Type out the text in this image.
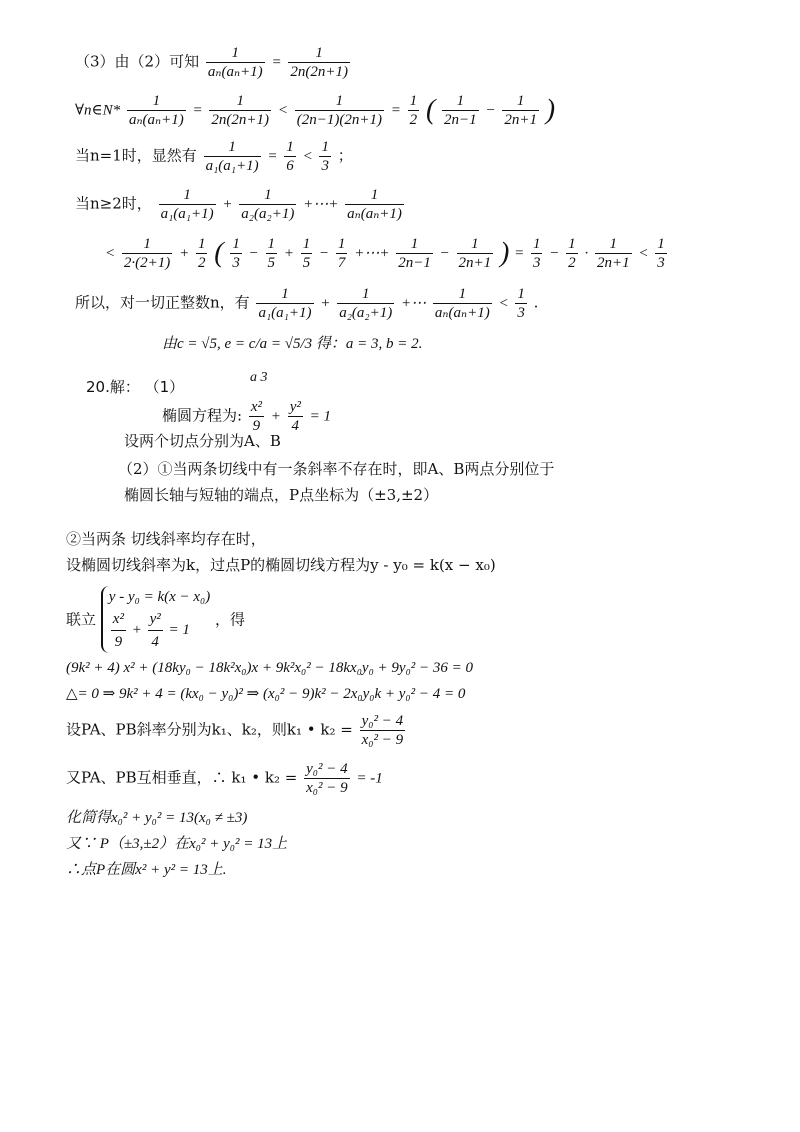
（3）由（2）可知 $\frac{1}{\text{aₙ(aₙ+1)}} = \frac{1}{2n(2n+1)}$
∀n∈N* $\frac{1}{\text{aₙ(aₙ+1)}} = \frac{1}{2n(2n+1)} < \frac{1}{(2n-1)(2n+1)} = \frac{1}{2}$ ( $\frac{1}{2n-1} - \frac{1}{2n+1}$ )
当n=1时，显然有 $\frac{1}{\text{a₁(a₁+1)}} = \frac{1}{6} < \frac{1}{3}$ ；
当n≥2时， $\frac{1}{\text{a₁(a₁+1)}} + \frac{1}{\text{a₂(a₂+1)}}$ +⋯+ $\frac{1}{\text{aₙ(aₙ+1)}}$
< $\frac{1}{2\cdot(2+1)} + \frac{1}{2}$ ( $\frac{1}{3} - \frac{1}{5} + \frac{1}{5} - \frac{1}{7}$ +⋯+ $\frac{1}{2n-1} - \frac{1}{2n+1}$ ) = $\frac{1}{3} - \frac{1}{2} \cdot \frac{1}{2n+1} < \frac{1}{3}$
所以，对一切正整数n，有 $\frac{1}{\text{a₁(a₁+1)}} + \frac{1}{\text{a₂(a₂+1)}}$ +⋯ $\frac{1}{\text{aₙ(aₙ+1)}} < \frac{1}{3}$ .
由c = √5, e = c/a = √5/3 得：a = 3, b = 2.
a 3
20.解： （1）
椭圆方程为: $\frac{\text{x²}}{9} + \frac{\text{y²}}{4} = 1$
设两个切点分别为A、B
（2）①当两条切线中有一条斜率不存在时，即A、B两点分别位于
椭圆长轴与短轴的端点，P点坐标为（±3,±2）
②当两条 切线斜率均存在时，
设椭圆切线斜率为k，过点P的椭圆切线方程为y - y₀ = k(x − x₀)
联立
y - y₀ = k(x − x₀)
$\frac{\text{x²}}{9} + \frac{\text{y²}}{4} = 1$
，得
(9k² + 4) x² + (18ky₀ − 18k²x₀)x + 9k²x₀² − 18kx₀y₀ + 9y₀² − 36 = 0
△= 0 ⇒ 9k² + 4 = (kx₀ − y₀)² ⇒ (x₀² − 9)k² − 2x₀y₀k + y₀² − 4 = 0
设PA、PB斜率分别为k₁、k₂，则k₁ • $k_2 = \frac{\text{y₀² − 4}}{\text{x₀² − 9}}$
又PA、PB互相垂直，∴ k₁ • $k_2 = \frac{\text{y₀² − 4}}{\text{x₀² − 9}} = -1$
化简得x₀² + y₀² = 13(x₀ ≠ ±3)
又∵ P（±3,±2）在x₀² + y₀² = 13上
∴点P在圆x² + y² = 13上.
